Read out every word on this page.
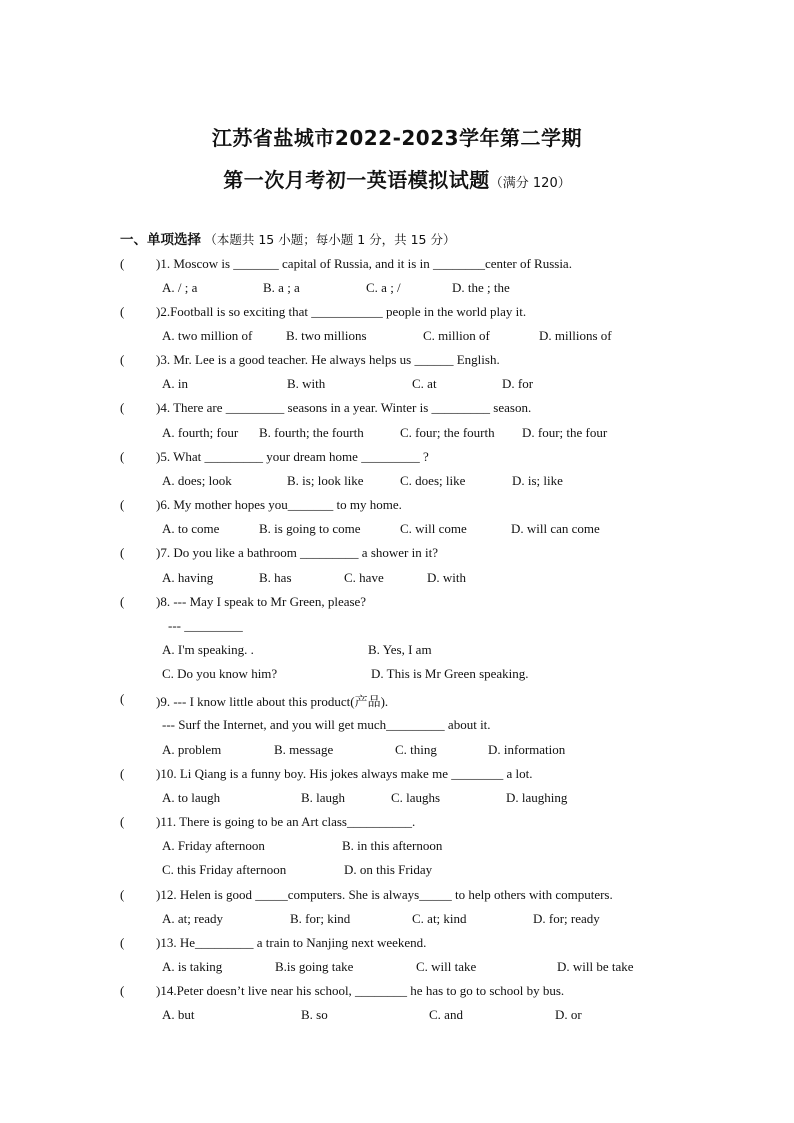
江苏省盐城市2022-2023学年第二学期
第一次月考初一英语模拟试题（满分 120）
一、单项选择 （本题共 15 小题；每小题 1 分，共 15 分）
( )1. Moscow is _______ capital of Russia, and it is in ________center of Russia.
A. / ; a	B. a ; a	C. a ; /	D. the ; the
( )2.Football is so exciting that ___________ people in the world play it.
A. two million of	B. two millions	C. million of	D. millions of
( )3. Mr. Lee is a good teacher. He always helps us ______ English.
A. in	B. with	C. at	D. for
( )4. There are _________ seasons in a year. Winter is _________ season.
A. fourth; four B. fourth; the fourth	C. four; the fourth D. four; the four
( )5. What _________ your dream home _________ ?
A. does; look	B. is; look like	C. does; like	D. is; like
( )6. My mother hopes you_______ to my home.
A. to come	B. is going to come	C. will come	D. will can come
( )7. Do you like a bathroom _________ a shower in it?
A. having	B. has	C. have	D. with
( )8. --- May I speak to Mr Green, please?
--- _________
A. I'm speaking. .	B. Yes, I am
C. Do you know him?	D. This is Mr Green speaking.
( )9. --- I know little about this product(产品).
--- Surf the Internet, and you will get much_________ about it.
A. problem	B. message	C. thing	D. information
( )10. Li Qiang is a funny boy. His jokes always make me ________ a lot.
A. to laugh	B. laugh	C. laughs	D. laughing
( )11. There is going to be an Art class__________.
A. Friday afternoon	B. in this afternoon
C. this Friday afternoon	D. on this Friday
( )12. Helen is good _____computers. She is always_____ to help others with computers.
A. at; ready	B. for; kind	C. at; kind	D. for; ready
( )13. He_________ a train to Nanjing next weekend.
A. is taking	B.is going take	C. will take	D. will be take
( )14.Peter doesn’t live near his school, ________ he has to go to school by bus.
A. but	B. so	C. and	D. or
